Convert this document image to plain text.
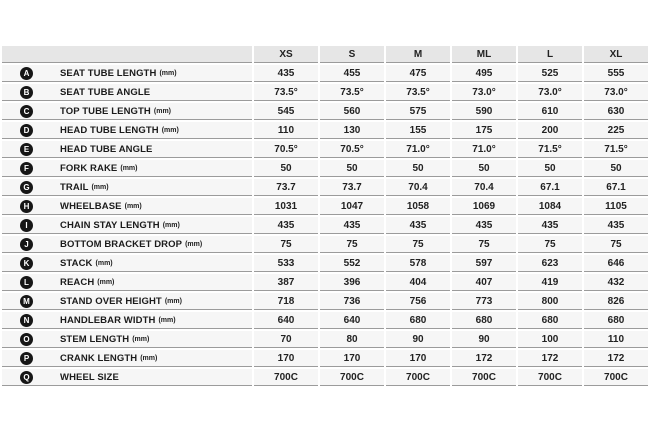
	XS	S	M	ML	L	XL

A SEAT TUBE LENGTH (mm)	435	455	475	495	525	555

B SEAT TUBE ANGLE	73.5°	73.5°	73.5°	73.0°	73.0°	73.0°

C TOP TUBE LENGTH (mm)	545	560	575	590	610	630

D HEAD TUBE LENGTH (mm)	110	130	155	175	200	225

E HEAD TUBE ANGLE	70.5°	70.5°	71.0°	71.0°	71.5°	71.5°

F FORK RAKE (mm)	50	50	50	50	50	50

G TRAIL (mm)	73.7	73.7	70.4	70.4	67.1	67.1

H WHEELBASE (mm)	1031	1047	1058	1069	1084	1105

I CHAIN STAY LENGTH (mm)	435	435	435	435	435	435

J BOTTOM BRACKET DROP (mm)	75	75	75	75	75	75

K STACK (mm)	533	552	578	597	623	646

L REACH (mm)	387	396	404	407	419	432

M STAND OVER HEIGHT (mm)	718	736	756	773	800	826

N HANDLEBAR WIDTH (mm)	640	640	680	680	680	680

O STEM LENGTH (mm)	70	80	90	90	100	110

P CRANK LENGTH (mm)	170	170	170	172	172	172

Q WHEEL SIZE	700C	700C	700C	700C	700C	700C
